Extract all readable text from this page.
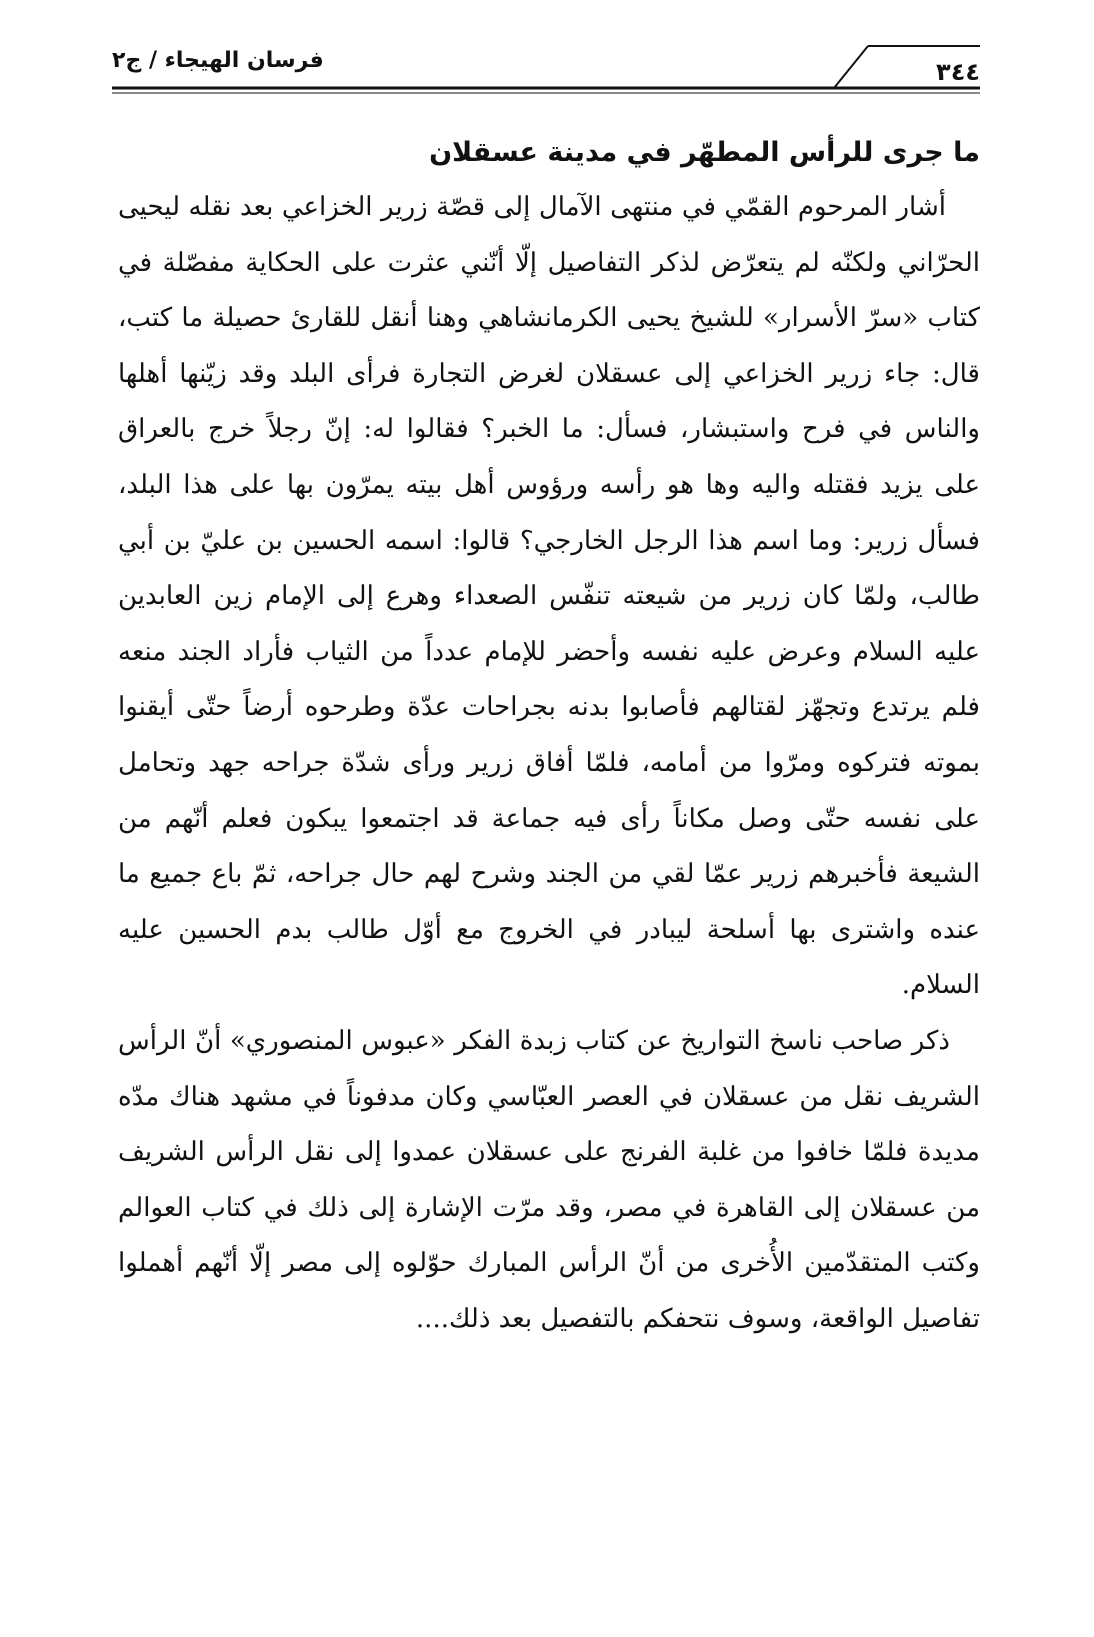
فرسان الهيجاء / ج٢	٣٤٤
ما جرى للرأس المطهّر في مدينة عسقلان

أشار المرحوم القمّي في منتهى الآمال إلى قصّة زرير الخزاعي بعد نقله ليحيى الحرّاني ولكنّه لم يتعرّض لذكر التفاصيل إلّا أنّني عثرت على الحكاية مفصّلة في كتاب «سرّ الأسرار» للشيخ يحيى الكرمانشاهي وهنا أنقل للقارئ حصيلة ما كتب، قال: جاء زرير الخزاعي إلى عسقلان لغرض التجارة فرأى البلد وقد زيّنها أهلها والناس في فرح واستبشار، فسأل: ما الخبر؟ فقالوا له: إنّ رجلاً خرج بالعراق على يزيد فقتله واليه وها هو رأسه ورؤوس أهل بيته يمرّون بها على هذا البلد، فسأل زرير: وما اسم هذا الرجل الخارجي؟ قالوا: اسمه الحسين بن عليّ بن أبي طالب، ولمّا كان زرير من شيعته تنفّس الصعداء وهرع إلى الإمام زين العابدين عليه السلام وعرض عليه نفسه وأحضر للإمام عدداً من الثياب فأراد الجند منعه فلم يرتدع وتجهّز لقتالهم فأصابوا بدنه بجراحات عدّة وطرحوه أرضاً حتّى أيقنوا بموته فتركوه ومرّوا من أمامه، فلمّا أفاق زرير ورأى شدّة جراحه جهد وتحامل على نفسه حتّى وصل مكاناً رأى فيه جماعة قد اجتمعوا يبكون فعلم أنّهم من الشيعة فأخبرهم زرير عمّا لقي من الجند وشرح لهم حال جراحه، ثمّ باع جميع ما عنده واشترى بها أسلحة ليبادر في الخروج مع أوّل طالب بدم الحسين عليه السلام.

ذكر صاحب ناسخ التواريخ عن كتاب زبدة الفكر «عبوس المنصوري» أنّ الرأس الشريف نقل من عسقلان في العصر العبّاسي وكان مدفوناً في مشهد هناك مدّه مديدة فلمّا خافوا من غلبة الفرنج على عسقلان عمدوا إلى نقل الرأس الشريف من عسقلان إلى القاهرة في مصر، وقد مرّت الإشارة إلى ذلك في كتاب العوالم وكتب المتقدّمين الأُخرى من أنّ الرأس المبارك حوّلوه إلى مصر إلّا أنّهم أهملوا تفاصيل الواقعة، وسوف نتحفكم بالتفصيل بعد ذلك....
